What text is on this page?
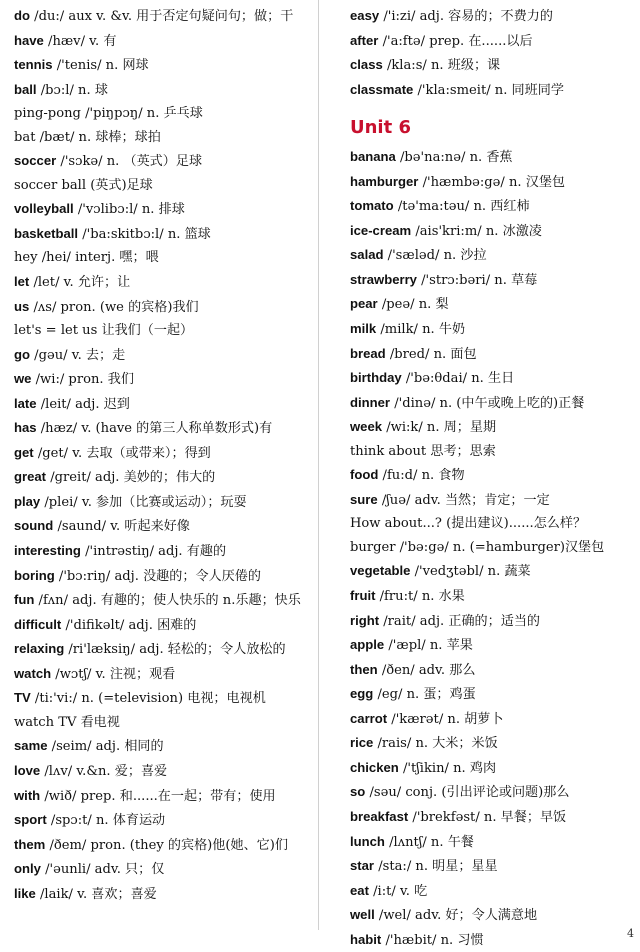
do /du:/ aux v. &v. 用于否定句疑问句；做；干
have /hæv/ v. 有
tennis /'tenis/ n. 网球
ball /bɔ:l/ n. 球
ping-pong /'piŋpɔŋ/ n. 乒乓球
bat /bæt/ n. 球棒；球拍
soccer /'sɔkə/ n. （英式）足球
soccer ball (英式)足球
volleyball /'vɔlibɔ:l/ n. 排球
basketball /'ba:skitbɔ:l/ n. 篮球
hey /hei/ interj. 嘿；喂
let /let/ v. 允许；让
us /ʌs/ pron. (we 的宾格)我们
let's = let us 让我们（一起）
go /gəu/ v. 去；走
we /wi:/ pron. 我们
late /leit/ adj. 迟到
has /hæz/ v. (have 的第三人称单数形式)有
get /get/ v. 去取（或带来）；得到
great /greit/ adj. 美妙的；伟大的
play /plei/ v. 参加（比赛或运动）；玩耍
sound /saund/ v. 听起来好像
interesting /'intrəstiŋ/ adj. 有趣的
boring /'bɔ:riŋ/ adj. 没趣的；令人厌倦的
fun /fʌn/ adj. 有趣的；使人快乐的 n.乐趣；快乐
difficult /'difikəlt/ adj. 困难的
relaxing /ri'læksiŋ/ adj. 轻松的；令人放松的
watch /wɔtʃ/ v. 注视；观看
TV /ti:'vi:/ n. (=television) 电视；电视机
watch TV 看电视
same /seim/ adj. 相同的
love /lʌv/ v.&n. 爱；喜爱
with /wið/ prep. 和......在一起；带有；使用
sport /spɔ:t/ n. 体育运动
them /ðem/ pron. (they 的宾格)他(她、它)们
only /'əunli/ adv. 只；仅
like /laik/ v. 喜欢；喜爱
easy /'i:zi/ adj. 容易的；不费力的
after /'a:ftə/ prep. 在......以后
class /kla:s/ n. 班级；课
classmate /'kla:smeit/ n. 同班同学
Unit 6
banana /bə'na:nə/ n. 香蕉
hamburger /'hæmbə:gə/ n. 汉堡包
tomato /tə'ma:təu/ n. 西红柿
ice-cream /ais'kri:m/ n. 冰激凌
salad /'sæləd/ n. 沙拉
strawberry /'strɔ:bəri/ n. 草莓
pear /peə/ n. 梨
milk /milk/ n. 牛奶
bread /bred/ n. 面包
birthday /'bə:θdai/ n. 生日
dinner /'dinə/ n. (中午或晚上吃的)正餐
week /wi:k/ n. 周；星期
think about 思考；思索
food /fu:d/ n. 食物
sure /ʃuə/ adv. 当然；肯定；一定
How about...? (提出建议)......怎么样？
burger /'bə:gə/ n. (=hamburger)汉堡包
vegetable /'vedʒtəbl/ n. 蔬菜
fruit /fru:t/ n. 水果
right /rait/ adj. 正确的；适当的
apple /'æpl/ n. 苹果
then /ðen/ adv. 那么
egg /eg/ n. 蛋；鸡蛋
carrot /'kærət/ n. 胡萝卜
rice /rais/ n. 大米；米饭
chicken /'tʃikin/ n. 鸡肉
so /səu/ conj. (引出评论或问题)那么
breakfast /'brekfəst/ n. 早餐；早饭
lunch /lʌntʃ/ n. 午餐
star /sta:/ n. 明星；星星
eat /i:t/ v. 吃
well /wel/ adv. 好；令人满意地
habit /'hæbit/ n. 习惯	4
